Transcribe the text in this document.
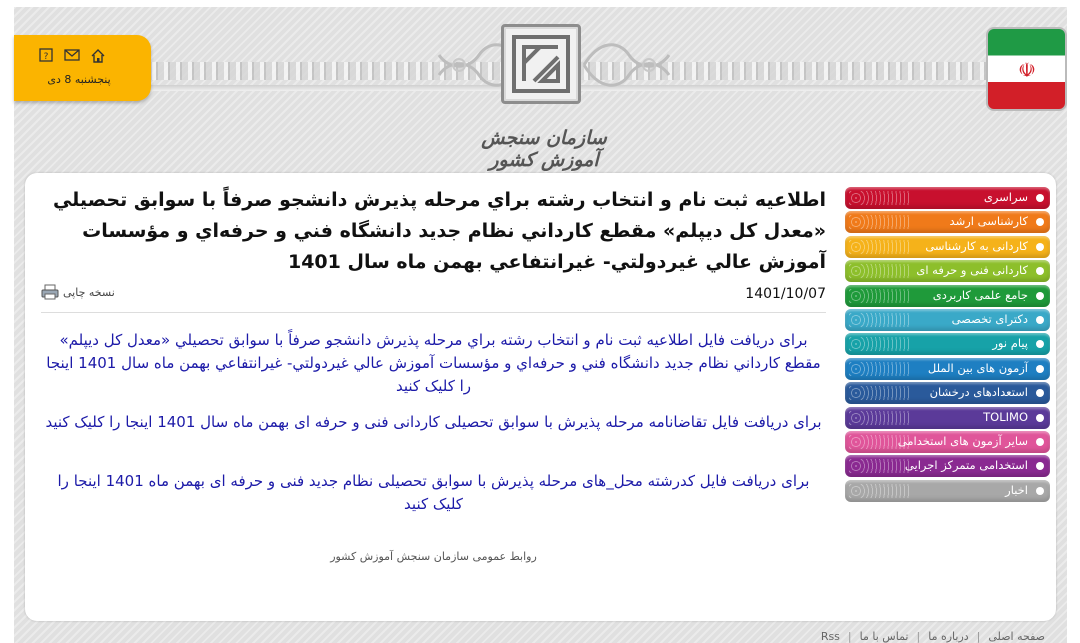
سازمان سنجش آموزش کشور
?
پنجشنبه 8 دی	☫
اطلاعيه ثبت نام و انتخاب رشته براي مرحله پذيرش دانشجو صرفاً با سوابق تحصيلي «معدل کل ديپلم» مقطع کارداني نظام جديد دانشگاه فني و حرفه‌اي و مؤسسات آموزش عالي غيردولتي- غيرانتفاعي بهمن ماه سال 1401
1401/10/07
نسخه چاپی

برای دریافت فایل اطلاعیه ثبت نام و انتخاب رشته براي مرحله پذيرش دانشجو صرفاً با سوابق تحصيلي «معدل کل ديپلم» مقطع کارداني نظام جديد دانشگاه فني و حرفه‌اي و مؤسسات آموزش عالي غيردولتي- غيرانتفاعي بهمن ماه سال 1401 اینجا را کلیک کنید

برای دریافت فایل تقاضانامه مرحله پذیرش با سوابق تحصیلی کاردانی فنی و حرفه ای بهمن ماه سال 1401 اینجا را کلیک کنید

برای دریافت فایل کدرشته محل_های مرحله پذیرش با سوابق تحصیلی نظام جدید فنی و حرفه ای بهمن ماه 1401 اینجا را کلیک کنید

روابط عمومی سازمان سنجش آموزش کشور
سراسری
کارشناسی ارشد
کاردانی به کارشناسی
کاردانی فنی و حرفه ای
جامع علمی کاربردی
دکترای تخصصی
پیام نور
آزمون های بین الملل
استعدادهای درخشان
TOLIMO
سایر آزمون های استخدامی
استخدامی متمرکز اجرایی
اخبار
صفحه اصلی
|
درباره ما
|
تماس با ما
|
Rss
